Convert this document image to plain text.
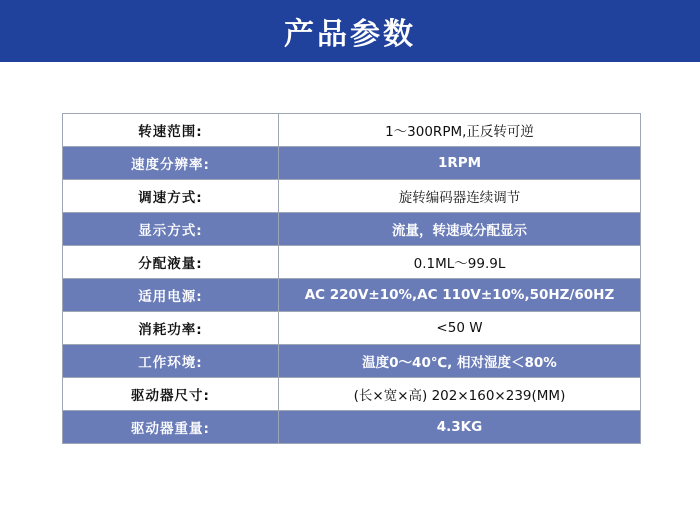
产品参数
转速范围:	1～300RPM,正反转可逆
速度分辨率:	1RPM
调速方式:	旋转编码器连续调节
显示方式:	流量，转速或分配显示
分配液量:	0.1ML～99.9L
适用电源:	AC 220V±10%,AC 110V±10%,50HZ/60HZ
消耗功率:	<50 W
工作环境:	温度0～40℃, 相对湿度＜80%
驱动器尺寸:	(长×宽×高) 202×160×239(MM)
驱动器重量:	4.3KG
